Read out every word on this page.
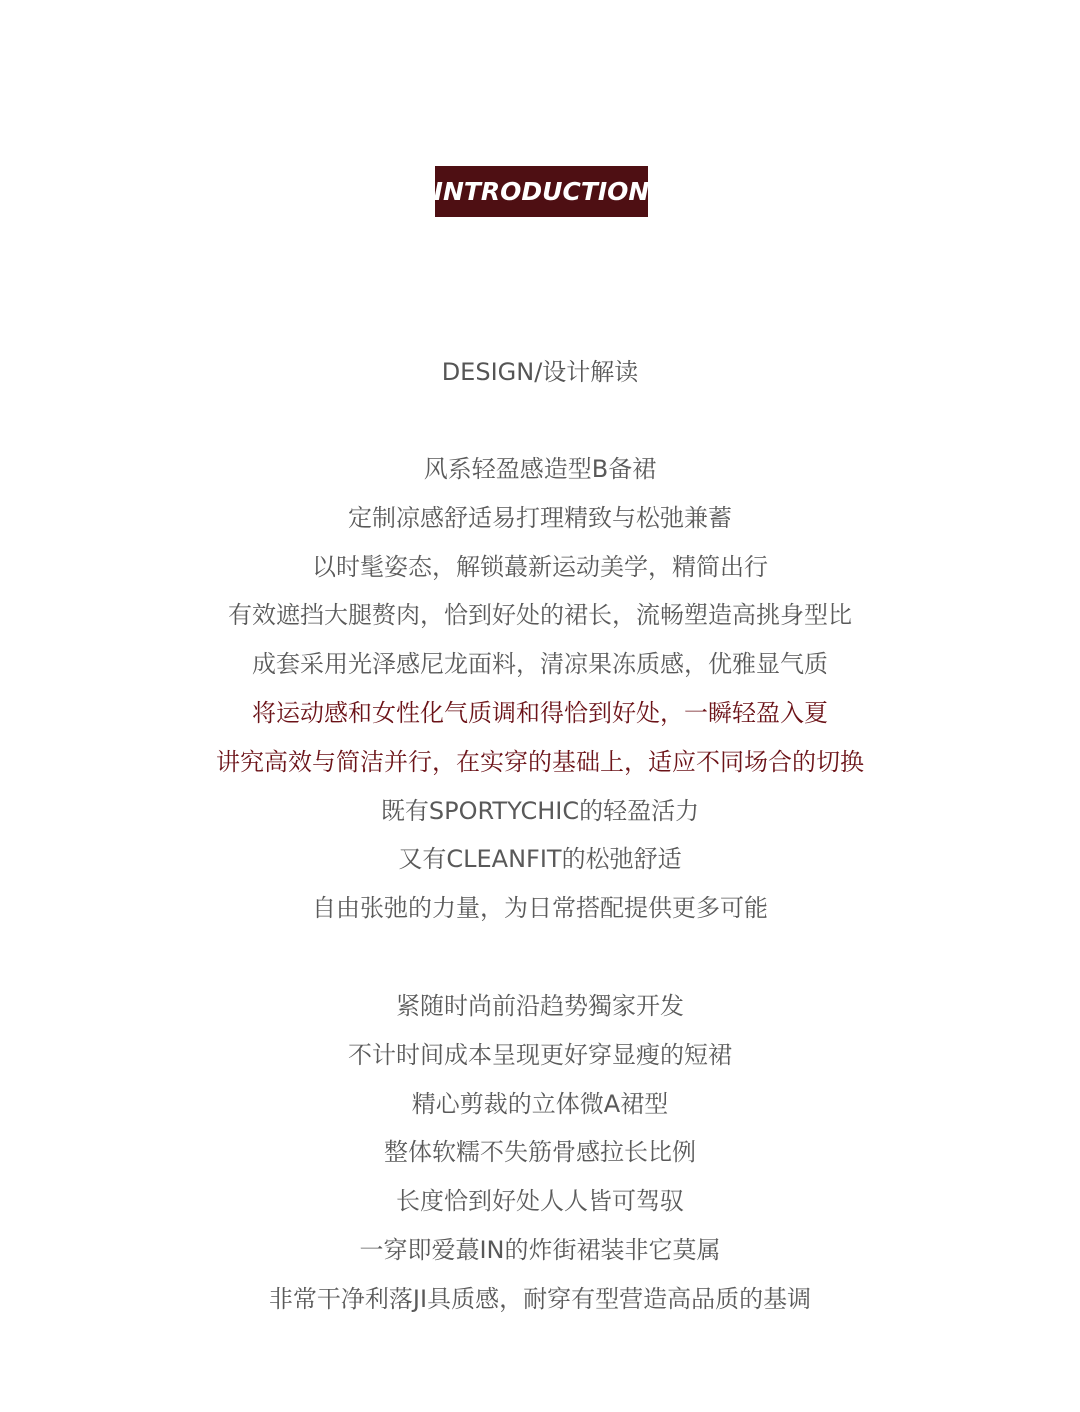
INTRODUCTION
DESIGN/设计解读
风系轻盈感造型B备裙
定制凉感舒适易打理精致与松弛兼蓄
以时髦姿态，解锁蕞新运动美学，精简出行
有效遮挡大腿赘肉，恰到好处的裙长，流畅塑造高挑身型比
成套采用光泽感尼龙面料，清凉果冻质感，优雅显气质
将运动感和女性化气质调和得恰到好处，一瞬轻盈入夏
讲究高效与简洁并行，在实穿的基础上，适应不同场合的切换
既有SPORTYCHIC的轻盈活力
又有CLEANFIT的松弛舒适
自由张弛的力量，为日常搭配提供更多可能
紧随时尚前沿趋势獨家开发
不计时间成本呈现更好穿显瘦的短裙
精心剪裁的立体微A裙型
整体软糯不失筋骨感拉长比例
长度恰到好处人人皆可驾驭
一穿即爱蕞IN的炸街裙装非它莫属
非常干净利落JI具质感，耐穿有型营造高品质的基调
